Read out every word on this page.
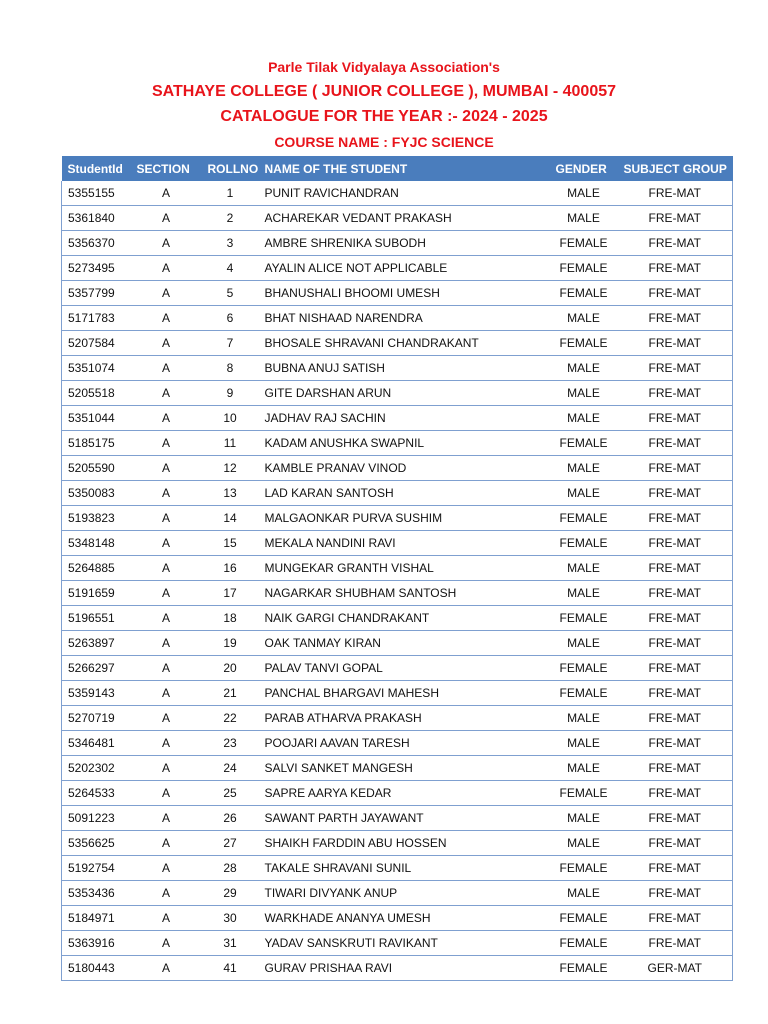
Parle Tilak Vidyalaya Association's
SATHAYE COLLEGE ( JUNIOR COLLEGE ), MUMBAI - 400057
CATALOGUE FOR THE YEAR :- 2024 - 2025
COURSE NAME : FYJC SCIENCE
StudentId	SECTION	ROLLNO	NAME OF THE STUDENT	GENDER	SUBJECT GROUP
5355155	A	1	PUNIT RAVICHANDRAN	MALE	FRE-MAT
5361840	A	2	ACHAREKAR VEDANT PRAKASH	MALE	FRE-MAT
5356370	A	3	AMBRE SHRENIKA SUBODH	FEMALE	FRE-MAT
5273495	A	4	AYALIN ALICE NOT APPLICABLE	FEMALE	FRE-MAT
5357799	A	5	BHANUSHALI BHOOMI UMESH	FEMALE	FRE-MAT
5171783	A	6	BHAT NISHAAD NARENDRA	MALE	FRE-MAT
5207584	A	7	BHOSALE SHRAVANI CHANDRAKANT	FEMALE	FRE-MAT
5351074	A	8	BUBNA ANUJ SATISH	MALE	FRE-MAT
5205518	A	9	GITE DARSHAN ARUN	MALE	FRE-MAT
5351044	A	10	JADHAV RAJ SACHIN	MALE	FRE-MAT
5185175	A	11	KADAM ANUSHKA SWAPNIL	FEMALE	FRE-MAT
5205590	A	12	KAMBLE PRANAV VINOD	MALE	FRE-MAT
5350083	A	13	LAD KARAN SANTOSH	MALE	FRE-MAT
5193823	A	14	MALGAONKAR PURVA SUSHIM	FEMALE	FRE-MAT
5348148	A	15	MEKALA NANDINI RAVI	FEMALE	FRE-MAT
5264885	A	16	MUNGEKAR GRANTH VISHAL	MALE	FRE-MAT
5191659	A	17	NAGARKAR SHUBHAM SANTOSH	MALE	FRE-MAT
5196551	A	18	NAIK GARGI CHANDRAKANT	FEMALE	FRE-MAT
5263897	A	19	OAK TANMAY KIRAN	MALE	FRE-MAT
5266297	A	20	PALAV TANVI GOPAL	FEMALE	FRE-MAT
5359143	A	21	PANCHAL BHARGAVI MAHESH	FEMALE	FRE-MAT
5270719	A	22	PARAB ATHARVA PRAKASH	MALE	FRE-MAT
5346481	A	23	POOJARI AAVAN TARESH	MALE	FRE-MAT
5202302	A	24	SALVI SANKET MANGESH	MALE	FRE-MAT
5264533	A	25	SAPRE AARYA KEDAR	FEMALE	FRE-MAT
5091223	A	26	SAWANT PARTH JAYAWANT	MALE	FRE-MAT
5356625	A	27	SHAIKH FARDDIN ABU HOSSEN	MALE	FRE-MAT
5192754	A	28	TAKALE SHRAVANI SUNIL	FEMALE	FRE-MAT
5353436	A	29	TIWARI DIVYANK ANUP	MALE	FRE-MAT
5184971	A	30	WARKHADE ANANYA UMESH	FEMALE	FRE-MAT
5363916	A	31	YADAV SANSKRUTI RAVIKANT	FEMALE	FRE-MAT
5180443	A	41	GURAV PRISHAA RAVI	FEMALE	GER-MAT
